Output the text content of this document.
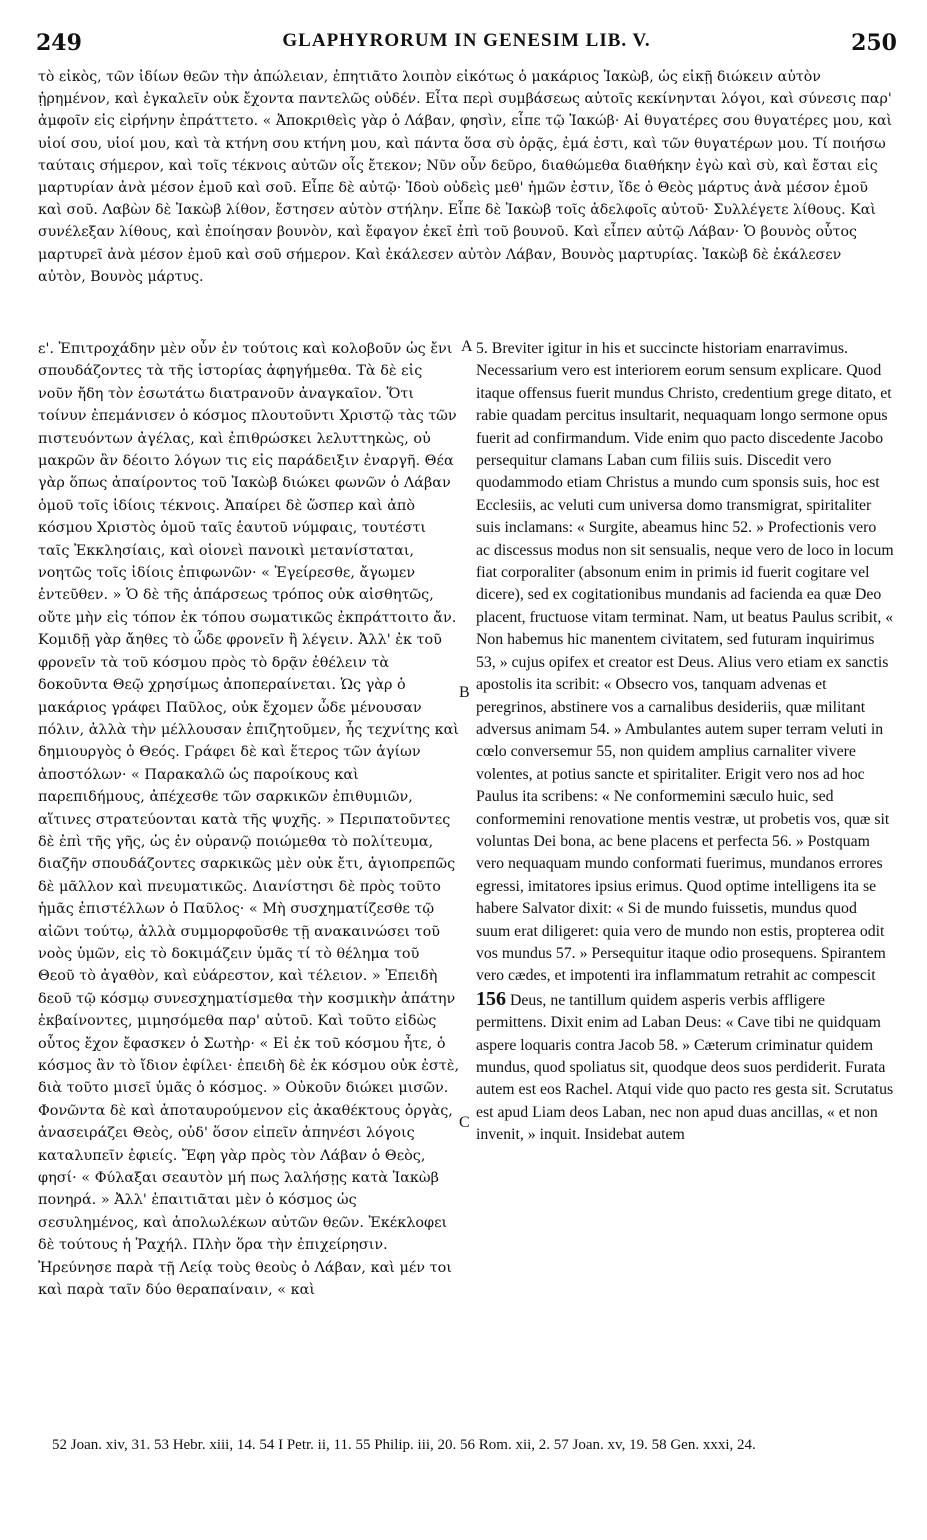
249	GLAPHYRORUM IN GENESIM LIB. V.	250

τὸ εἰκὸς, τῶν ἰδίων θεῶν τὴν ἀπώλειαν, ἐπητιᾶτο λοιπὸν εἰκότως ὁ μακάριος Ἰακὼβ, ὡς εἰκῇ διώκειν αὐτὸν ᾐρημένον, καὶ ἐγκαλεῖν οὐκ ἔχοντα παντελῶς οὐδέν. Εἶτα περὶ συμβάσεως αὐτοῖς κεκίνηνται λόγοι, καὶ σύνεσις παρ' ἀμφοῖν εἰς εἰρήνην ἐπράττετο. « Ἀποκριθεὶς γὰρ ὁ Λάβαν, φησὶν, εἶπε τῷ Ἰακώβ· Αἱ θυγατέρες σου θυγατέρες μου, καὶ υἱοί σου, υἱοί μου, καὶ τὰ κτήνη σου κτήνη μου, καὶ πάντα ὅσα σὺ ὁρᾷς, ἐμά ἐστι, καὶ τῶν θυγατέρων μου. Τί ποιήσω ταύταις σήμερον, καὶ τοῖς τέκνοις αὐτῶν οἷς ἔτεκον; Νῦν οὖν δεῦρο, διαθώμεθα διαθήκην ἐγὼ καὶ σὺ, καὶ ἔσται εἰς μαρτυρίαν ἀνὰ μέσον ἐμοῦ καὶ σοῦ. Εἶπε δὲ αὐτῷ· Ἰδοὺ οὐδεὶς μεθ' ἡμῶν ἐστιν, ἴδε ὁ Θεὸς μάρτυς ἀνὰ μέσον ἐμοῦ καὶ σοῦ. Λαβὼν δὲ Ἰακὼβ λίθον, ἔστησεν αὐτὸν στήλην. Εἶπε δὲ Ἰακὼβ τοῖς ἀδελφοῖς αὐτοῦ· Συλλέγετε λίθους. Καὶ συνέλεξαν λίθους, καὶ ἐποίησαν βουνὸν, καὶ ἔφαγον ἐκεῖ ἐπὶ τοῦ βουνοῦ. Καὶ εἶπεν αὐτῷ Λάβαν· Ὁ βουνὸς οὗτος μαρτυρεῖ ἀνὰ μέσον ἐμοῦ καὶ σοῦ σήμερον. Καὶ ἐκάλεσεν αὐτὸν Λάβαν, Βουνὸς μαρτυρίας. Ἰακὼβ δὲ ἐκάλεσεν αὐτὸν, Βουνὸς μάρτυς.

ε'. Ἐπιτροχάδην μὲν οὖν ἐν τούτοις καὶ κολοβοῦν ὡς ἔνι σπουδάζοντες τὰ τῆς ἱστορίας ἀφηγήμεθα. Τὰ δὲ εἰς νοῦν ἤδη τὸν ἐσωτάτω διατρανοῦν ἀναγκαῖον. Ὅτι τοίνυν ἐπεμάνισεν ὁ κόσμος πλουτοῦντι Χριστῷ τὰς τῶν πιστευόντων ἀγέλας, καὶ ἐπιθρώσκει λελυττηκὼς, οὐ μακρῶν ἂν δέοιτο λόγων τις εἰς παράδειξιν ἐναργῆ. Θέα γὰρ ὅπως ἀπαίροντος τοῦ Ἰακὼβ διώκει φωνῶν ὁ Λάβαν ὁμοῦ τοῖς ἰδίοις τέκνοις. Ἀπαίρει δὲ ὥσπερ καὶ ἀπὸ κόσμου Χριστὸς ὁμοῦ ταῖς ἑαυτοῦ νύμφαις, τουτέστι ταῖς Ἐκκλησίαις, καὶ οἱονεὶ πανοικὶ μετανίσταται, νοητῶς τοῖς ἰδίοις ἐπιφωνῶν· « Ἐγείρεσθε, ἄγωμεν ἐντεῦθεν. » Ὁ δὲ τῆς ἀπάρσεως τρόπος οὐκ αἰσθητῶς, οὔτε μὴν εἰς τόπον ἐκ τόπου σωματικῶς ἐκπράττοιτο ἄν. Κομιδῇ γὰρ ἄηθες τὸ ὧδε φρονεῖν ἢ λέγειν. Ἀλλ' ἐκ τοῦ φρονεῖν τὰ τοῦ κόσμου πρὸς τὸ δρᾷν ἐθέλειν τὰ δοκοῦντα Θεῷ χρησίμως ἀποπεραίνεται. Ὡς γὰρ ὁ μακάριος γράφει Παῦλος, οὐκ ἔχομεν ὧδε μένουσαν πόλιν, ἀλλὰ τὴν μέλλουσαν ἐπιζητοῦμεν, ἧς τεχνίτης καὶ δημιουργὸς ὁ Θεός. Γράφει δὲ καὶ ἕτερος τῶν ἁγίων ἀποστόλων· « Παρακαλῶ ὡς παροίκους καὶ παρεπιδήμους, ἀπέχεσθε τῶν σαρκικῶν ἐπιθυμιῶν, αἵτινες στρατεύονται κατὰ τῆς ψυχῆς. » Περιπατοῦντες δὲ ἐπὶ τῆς γῆς, ὡς ἐν οὐρανῷ ποιώμεθα τὸ πολίτευμα, διαζῆν σπουδάζοντες σαρκικῶς μὲν οὐκ ἔτι, ἁγιοπρεπῶς δὲ μᾶλλον καὶ πνευματικῶς. Διανίστησι δὲ πρὸς τοῦτο ἡμᾶς ἐπιστέλλων ὁ Παῦλος· « Μὴ συσχηματίζεσθε τῷ αἰῶνι τούτῳ, ἀλλὰ συμμορφοῦσθε τῇ ανακαινώσει τοῦ νοὸς ὑμῶν, εἰς τὸ δοκιμάζειν ὑμᾶς τί τὸ θέλημα τοῦ Θεοῦ τὸ ἀγαθὸν, καὶ εὐάρεστον, καὶ τέλειον. » Ἐπειδὴ δεοῦ τῷ κόσμῳ συνεσχηματίσμεθα τὴν κοσμικὴν ἀπάτην ἐκβαίνοντες, μιμησόμεθα παρ' αὐτοῦ. Καὶ τοῦτο εἰδὼς οὗτος ἔχον ἔφασκεν ὁ Σωτὴρ· « Εἰ ἐκ τοῦ κόσμου ἦτε, ὁ κόσμος ἂν τὸ ἴδιον ἐφίλει· ἐπειδὴ δὲ ἐκ κόσμου οὐκ ἐστὲ, διὰ τοῦτο μισεῖ ὑμᾶς ὁ κόσμος. » Οὐκοῦν διώκει μισῶν. Φονῶντα δὲ καὶ ἀποταυρούμενον εἰς ἀκαθέκτους ὀργὰς, ἀνασειράζει Θεὸς, οὐδ' ὅσον εἰπεῖν ἀπηνέσι λόγοις καταλυπεῖν ἐφιείς. Ἔφη γὰρ πρὸς τὸν Λάβαν ὁ Θεὸς, φησί· « Φύλαξαι σεαυτὸν μή πως λαλήσῃς κατὰ Ἰακὼβ πονηρά. » Ἀλλ' ἐπαιτιᾶται μὲν ὁ κόσμος ὡς σεσυλημένος, καὶ ἀπολωλέκων αὐτῶν θεῶν. Ἐκέκλοφει δὲ τούτους ἡ Ῥαχήλ. Πλὴν ὅρα τὴν ἐπιχείρησιν. Ἠρεύνησε παρὰ τῇ Λείᾳ τοὺς θεοὺς ὁ Λάβαν, καὶ μέν τοι καὶ παρὰ ταῖν δύο θεραπαίναιν, « καὶ

A
B
C

5. Breviter igitur in his et succincte historiam enarravimus. Necessarium vero est interiorem eorum sensum explicare. Quod itaque offensus fuerit mundus Christo, credentium grege ditato, et rabie quadam percitus insultarit, nequaquam longo sermone opus fuerit ad confirmandum. Vide enim quo pacto discedente Jacobo persequitur clamans Laban cum filiis suis. Discedit vero quodammodo etiam Christus a mundo cum sponsis suis, hoc est Ecclesiis, ac veluti cum universa domo transmigrat, spiritaliter suis inclamans: « Surgite, abeamus hinc 52. » Profectionis vero ac discessus modus non sit sensualis, neque vero de loco in locum fiat corporaliter (absonum enim in primis id fuerit cogitare vel dicere), sed ex cogitationibus mundanis ad facienda ea quæ Deo placent, fructuose vitam terminat. Nam, ut beatus Paulus scribit, « Non habemus hic manentem civitatem, sed futuram inquirimus 53, » cujus opifex et creator est Deus. Alius vero etiam ex sanctis apostolis ita scribit: « Obsecro vos, tanquam advenas et peregrinos, abstinere vos a carnalibus desideriis, quæ militant adversus animam 54. » Ambulantes autem super terram veluti in cœlo conversemur 55, non quidem amplius carnaliter vivere volentes, at potius sancte et spiritaliter. Erigit vero nos ad hoc Paulus ita scribens: « Ne conformemini sæculo huic, sed conformemini renovatione mentis vestræ, ut probetis vos, quæ sit voluntas Dei bona, ac bene placens et perfecta 56. » Postquam vero nequaquam mundo conformati fuerimus, mundanos errores egressi, imitatores ipsius erimus. Quod optime intelligens ita se habere Salvator dixit: « Si de mundo fuissetis, mundus quod suum erat diligeret: quia vero de mundo non estis, propterea odit vos mundus 57. » Persequitur itaque odio prosequens. Spirantem vero cædes, et impotenti ira inflammatum retrahit ac compescit 156 Deus, ne tantillum quidem asperis verbis affligere permittens. Dixit enim ad Laban Deus: « Cave tibi ne quidquam aspere loquaris contra Jacob 58. » Cæterum criminatur quidem mundus, quod spoliatus sit, quodque deos suos perdiderit. Furata autem est eos Rachel. Atqui vide quo pacto res gesta sit. Scrutatus est apud Liam deos Laban, nec non apud duas ancillas, « et non invenit, » inquit. Insidebat autem

52 Joan. xiv, 31. 53 Hebr. xiii, 14. 54 I Petr. ii, 11. 55 Philip. iii, 20. 56 Rom. xii, 2. 57 Joan. xv, 19. 58 Gen. xxxi, 24.
